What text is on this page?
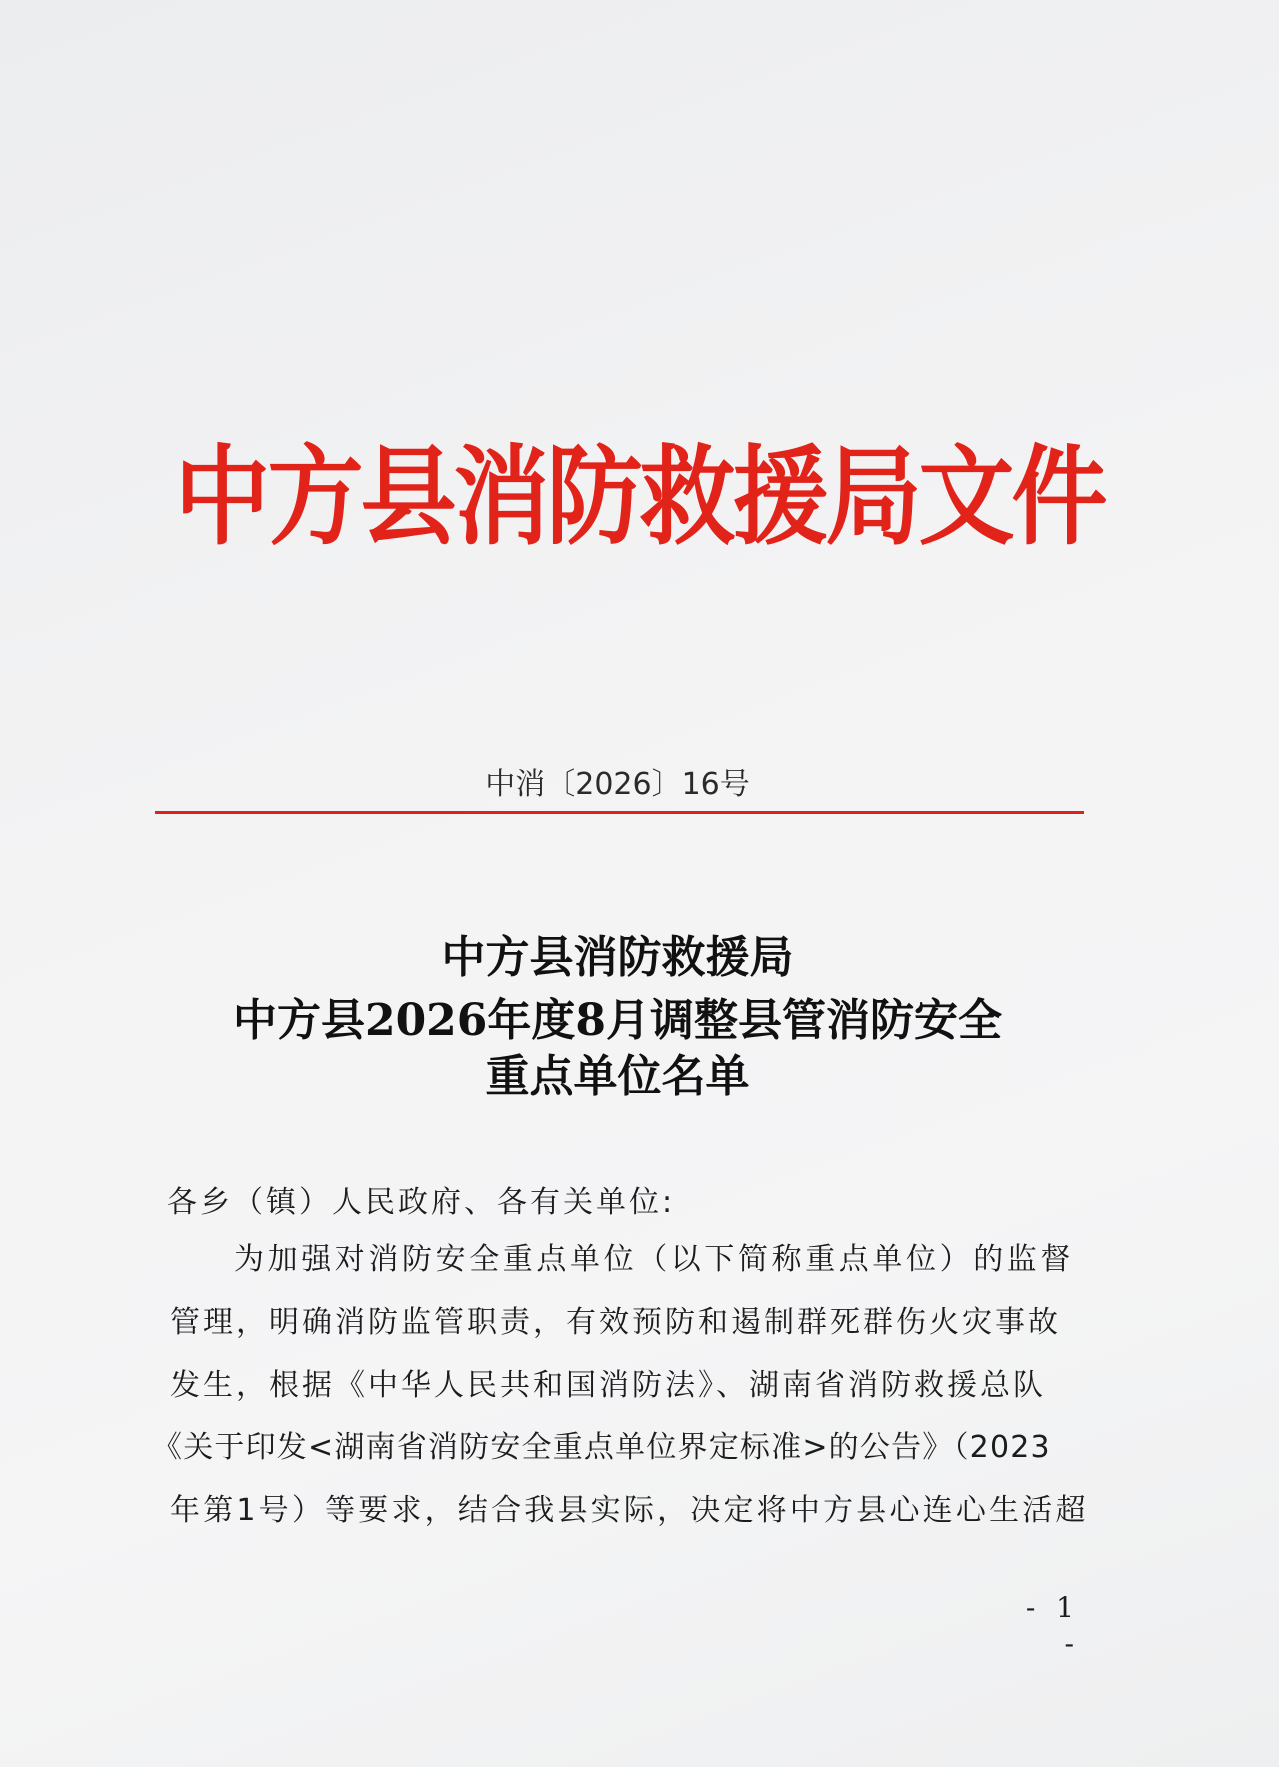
中方县消防救援局文件
中消〔2026〕16号
中方县消防救援局
中方县2026年度8月调整县管消防安全
重点单位名单
各乡（镇）人民政府、各有关单位:
为加强对消防安全重点单位（以下简称重点单位）的监督
管理，明确消防监管职责，有效预防和遏制群死群伤火灾事故
发生，根据《中华人民共和国消防法》、湖南省消防救援总队
《关于印发<湖南省消防安全重点单位界定标准>的公告》（2023
年第1号）等要求，结合我县实际，决定将中方县心连心生活超
- 1 -
